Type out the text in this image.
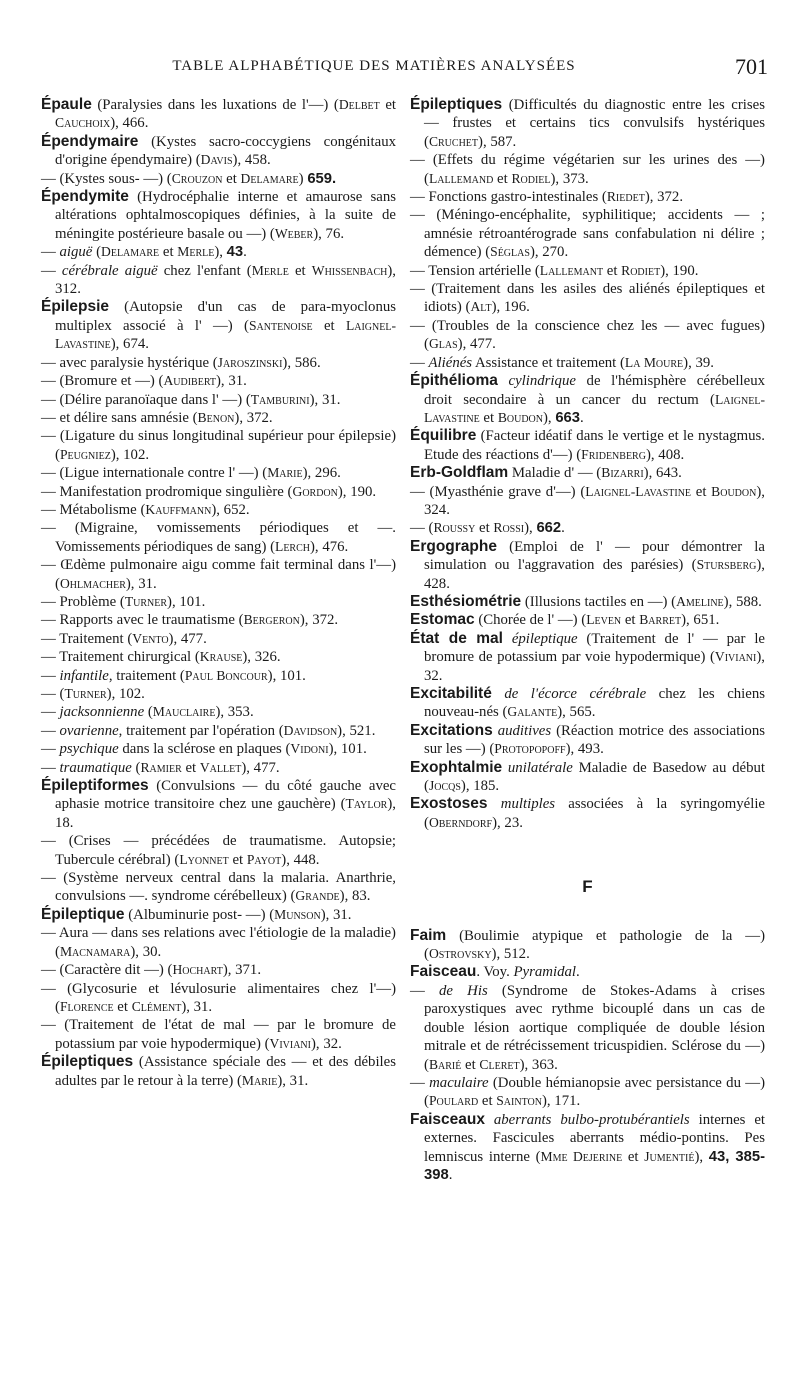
TABLE ALPHABÉTIQUE DES MATIÈRES ANALYSÉES	701
Épaule (Paralysies dans les luxations de l'—) (Delbet et Cauchoix), 466.
Épendymaire (Kystes sacro-coccygiens congénitaux d'origine épendymaire) (Davis), 458.
— (Kystes sous- —) (Crouzon et Delamare) 659.
Épendymite (Hydrocéphalie interne et amaurose sans altérations ophtalmoscopiques définies, à la suite de méningite postérieure basale ou —) (Weber), 76.
— aiguë (Delamare et Merle), 43.
— cérébrale aiguë chez l'enfant (Merle et Whissenbach), 312.
Épilepsie (Autopsie d'un cas de para-myoclonus multiplex associé à l' —) (Santenoise et Laignel-Lavastine), 674.
— avec paralysie hystérique (Jaroszinski), 586.
— (Bromure et —) (Audibert), 31.
— (Délire paranoïaque dans l' —) (Tamburini), 31.
— et délire sans amnésie (Benon), 372.
— (Ligature du sinus longitudinal supérieur pour épilepsie) (Peugniez), 102.
— (Ligue internationale contre l' —) (Marie), 296.
— Manifestation prodromique singulière (Gordon), 190.
— Métabolisme (Kauffmann), 652.
— (Migraine, vomissements périodiques et —. Vomissements périodiques de sang) (Lerch), 476.
— Œdème pulmonaire aigu comme fait terminal dans l'—) (Ohlmacher), 31.
— Problème (Turner), 101.
— Rapports avec le traumatisme (Bergeron), 372.
— Traitement (Vento), 477.
— Traitement chirurgical (Krause), 326.
— infantile, traitement (Paul Boncour), 101.
— (Turner), 102.
— jacksonnienne (Mauclaire), 353.
— ovarienne, traitement par l'opération (Davidson), 521.
— psychique dans la sclérose en plaques (Vidoni), 101.
— traumatique (Ramier et Vallet), 477.
Épileptiformes (Convulsions — du côté gauche avec aphasie motrice transitoire chez une gauchère) (Taylor), 18.
— (Crises — précédées de traumatisme. Autopsie; Tubercule cérébral) (Lyonnet et Payot), 448.
— (Système nerveux central dans la malaria. Anarthrie, convulsions —. syndrome cérébelleux) (Grande), 83.
Épileptique (Albuminurie post- —) (Munson), 31.
— Aura — dans ses relations avec l'étiologie de la maladie) (Macnamara), 30.
— (Caractère dit —) (Hochart), 371.
— (Glycosurie et lévulosurie alimentaires chez l'—) (Florence et Clément), 31.
— (Traitement de l'état de mal — par le bromure de potassium par voie hypodermique) (Viviani), 32.
Épileptiques (Assistance spéciale des — et des débiles adultes par le retour à la terre) (Marie), 31.
Épileptiques (Difficultés du diagnostic entre les crises — frustes et certains tics convulsifs hystériques (Cruchet), 587.
— (Effets du régime végétarien sur les urines des —) (Lallemand et Rodiel), 373.
— Fonctions gastro-intestinales (Riedet), 372.
— (Méningo-encéphalite, syphilitique; accidents — ; amnésie rétroantérograde sans confabulation ni délire ; démence) (Séglas), 270.
— Tension artérielle (Lallemant et Rodiet), 190.
— (Traitement dans les asiles des aliénés épileptiques et idiots) (Alt), 196.
— (Troubles de la conscience chez les — avec fugues) (Glas), 477.
— Aliénés Assistance et traitement (La Moure), 39.
Épithélioma cylindrique de l'hémisphère cérébelleux droit secondaire à un cancer du rectum (Laignel-Lavastine et Boudon), 663.
Équilibre (Facteur idéatif dans le vertige et le nystagmus. Etude des réactions d'—) (Fridenberg), 408.
Erb-Goldflam Maladie d' — (Bizarri), 643.
— (Myasthénie grave d'—) (Laignel-Lavastine et Boudon), 324.
— (Roussy et Rossi), 662.
Ergographe (Emploi de l' — pour démontrer la simulation ou l'aggravation des parésies) (Stursberg), 428.
Esthésiométrie (Illusions tactiles en —) (Ameline), 588.
Estomac (Chorée de l' —) (Leven et Barret), 651.
État de mal épileptique (Traitement de l' — par le bromure de potassium par voie hypodermique) (Viviani), 32.
Excitabilité de l'écorce cérébrale chez les chiens nouveau-nés (Galante), 565.
Excitations auditives (Réaction motrice des associations sur les —) (Protopopoff), 493.
Exophtalmie unilatérale Maladie de Basedow au début (Jocqs), 185.
Exostoses multiples associées à la syringomyélie (Oberndorf), 23.
F
Faim (Boulimie atypique et pathologie de la —) (Ostrovsky), 512.
Faisceau. Voy. Pyramidal.
— de His (Syndrome de Stokes-Adams à crises paroxystiques avec rythme bicouplé dans un cas de double lésion aortique compliquée de double lésion mitrale et de rétrécissement tricuspidien. Sclérose du —) (Barié et Cleret), 363.
— maculaire (Double hémianopsie avec persistance du —) (Poulard et Sainton), 171.
Faisceaux aberrants bulbo-protubérantiels internes et externes. Fascicules aberrants médio-pontins. Pes lemniscus interne (Mme Dejerine et Jumentié), 43, 385-398.
